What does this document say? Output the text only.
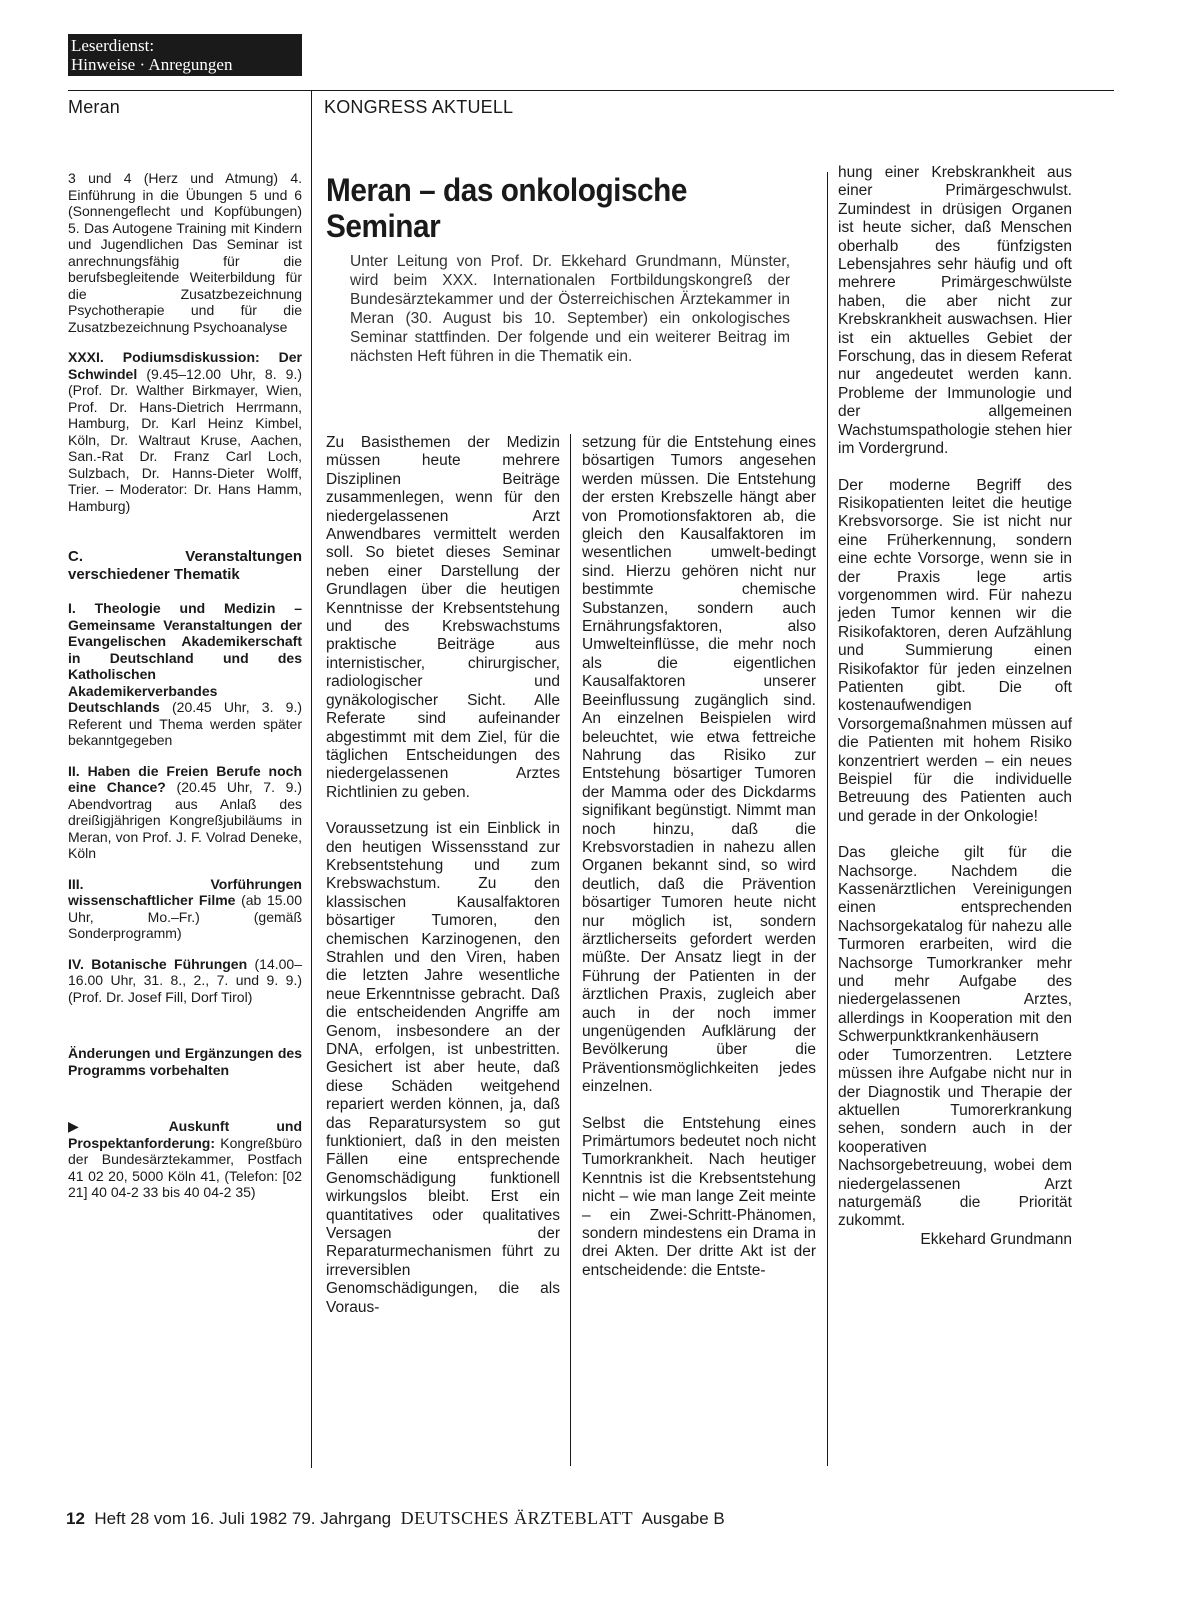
Leserdienst:
Hinweise · Anregungen
Meran	KONGRESS AKTUELL

3 und 4 (Herz und Atmung) 4. Einführung in die Übungen 5 und 6 (Sonnengeflecht und Kopfübungen) 5. Das Autogene Training mit Kindern und Jugendlichen Das Seminar ist anrechnungsfähig für die berufsbegleitende Weiterbildung für die Zusatzbezeichnung Psychotherapie und für die Zusatzbezeichnung Psychoanalyse

XXXI. Podiumsdiskussion: Der Schwindel (9.45–12.00 Uhr, 8. 9.) (Prof. Dr. Walther Birkmayer, Wien, Prof. Dr. Hans-Dietrich Herrmann, Hamburg, Dr. Karl Heinz Kimbel, Köln, Dr. Waltraut Kruse, Aachen, San.-Rat Dr. Franz Carl Loch, Sulzbach, Dr. Hanns-Dieter Wolff, Trier. – Moderator: Dr. Hans Hamm, Hamburg)

C. Veranstaltungen verschiedener Thematik

I. Theologie und Medizin – Gemeinsame Veranstaltungen der Evangelischen Akademikerschaft in Deutschland und des Katholischen Akademikerverbandes Deutschlands (20.45 Uhr, 3. 9.) Referent und Thema werden später bekanntgegeben

II. Haben die Freien Berufe noch eine Chance? (20.45 Uhr, 7. 9.) Abendvortrag aus Anlaß des dreißigjährigen Kongreßjubiläums in Meran, von Prof. J. F. Volrad Deneke, Köln

III. Vorführungen wissenschaftlicher Filme (ab 15.00 Uhr, Mo.–Fr.) (gemäß Sonderprogramm)

IV. Botanische Führungen (14.00–16.00 Uhr, 31. 8., 2., 7. und 9. 9.) (Prof. Dr. Josef Fill, Dorf Tirol)

Änderungen und Ergänzungen des Programms vorbehalten

▶ Auskunft und Prospektanforderung: Kongreßbüro der Bundesärztekammer, Postfach 41 02 20, 5000 Köln 41, (Telefon: [02 21] 40 04-2 33 bis 40 04-2 35)

Meran – das onkologische Seminar
Unter Leitung von Prof. Dr. Ekkehard Grundmann, Münster, wird beim XXX. Internationalen Fortbildungskongreß der Bundesärztekammer und der Österreichischen Ärztekammer in Meran (30. August bis 10. September) ein onkologisches Seminar stattfinden. Der folgende und ein weiterer Beitrag im nächsten Heft führen in die Thematik ein.

Zu Basisthemen der Medizin müssen heute mehrere Disziplinen Beiträge zusammenlegen, wenn für den niedergelassenen Arzt Anwendbares vermittelt werden soll. So bietet dieses Seminar neben einer Darstellung der Grundlagen über die heutigen Kenntnisse der Krebsentstehung und des Krebswachstums praktische Beiträge aus internistischer, chirurgischer, radiologischer und gynäkologischer Sicht. Alle Referate sind aufeinander abgestimmt mit dem Ziel, für die täglichen Entscheidungen des niedergelassenen Arztes Richtlinien zu geben.

Voraussetzung ist ein Einblick in den heutigen Wissensstand zur Krebsentstehung und zum Krebswachstum. Zu den klassischen Kausalfaktoren bösartiger Tumoren, den chemischen Karzinogenen, den Strahlen und den Viren, haben die letzten Jahre wesentliche neue Erkenntnisse gebracht. Daß die entscheidenden Angriffe am Genom, insbesondere an der DNA, erfolgen, ist unbestritten. Gesichert ist aber heute, daß diese Schäden weitgehend repariert werden können, ja, daß das Reparatursystem so gut funktioniert, daß in den meisten Fällen eine entsprechende Genomschädigung funktionell wirkungslos bleibt. Erst ein quantitatives oder qualitatives Versagen der Reparaturmechanismen führt zu irreversiblen Genomschädigungen, die als Voraus-

setzung für die Entstehung eines bösartigen Tumors angesehen werden müssen. Die Entstehung der ersten Krebszelle hängt aber von Promotionsfaktoren ab, die gleich den Kausalfaktoren im wesentlichen umwelt-bedingt sind. Hierzu gehören nicht nur bestimmte chemische Substanzen, sondern auch Ernährungsfaktoren, also Umwelteinflüsse, die mehr noch als die eigentlichen Kausalfaktoren unserer Beeinflussung zugänglich sind. An einzelnen Beispielen wird beleuchtet, wie etwa fettreiche Nahrung das Risiko zur Entstehung bösartiger Tumoren der Mamma oder des Dickdarms signifikant begünstigt. Nimmt man noch hinzu, daß die Krebsvorstadien in nahezu allen Organen bekannt sind, so wird deutlich, daß die Prävention bösartiger Tumoren heute nicht nur möglich ist, sondern ärztlicherseits gefordert werden müßte. Der Ansatz liegt in der Führung der Patienten in der ärztlichen Praxis, zugleich aber auch in der noch immer ungenügenden Aufklärung der Bevölkerung über die Präventionsmöglichkeiten jedes einzelnen.

Selbst die Entstehung eines Primärtumors bedeutet noch nicht Tumorkrankheit. Nach heutiger Kenntnis ist die Krebsentstehung nicht – wie man lange Zeit meinte – ein Zwei-Schritt-Phänomen, sondern mindestens ein Drama in drei Akten. Der dritte Akt ist der entscheidende: die Entste-

hung einer Krebskrankheit aus einer Primärgeschwulst. Zumindest in drüsigen Organen ist heute sicher, daß Menschen oberhalb des fünfzigsten Lebensjahres sehr häufig und oft mehrere Primärgeschwülste haben, die aber nicht zur Krebskrankheit auswachsen. Hier ist ein aktuelles Gebiet der Forschung, das in diesem Referat nur angedeutet werden kann. Probleme der Immunologie und der allgemeinen Wachstumspathologie stehen hier im Vordergrund.

Der moderne Begriff des Risikopatienten leitet die heutige Krebsvorsorge. Sie ist nicht nur eine Früherkennung, sondern eine echte Vorsorge, wenn sie in der Praxis lege artis vorgenommen wird. Für nahezu jeden Tumor kennen wir die Risikofaktoren, deren Aufzählung und Summierung einen Risikofaktor für jeden einzelnen Patienten gibt. Die oft kostenaufwendigen Vorsorgemaßnahmen müssen auf die Patienten mit hohem Risiko konzentriert werden – ein neues Beispiel für die individuelle Betreuung des Patienten auch und gerade in der Onkologie!

Das gleiche gilt für die Nachsorge. Nachdem die Kassenärztlichen Vereinigungen einen entsprechenden Nachsorgekatalog für nahezu alle Turmoren erarbeiten, wird die Nachsorge Tumorkranker mehr und mehr Aufgabe des niedergelassenen Arztes, allerdings in Kooperation mit den Schwerpunktkrankenhäusern oder Tumorzentren. Letztere müssen ihre Aufgabe nicht nur in der Diagnostik und Therapie der aktuellen Tumorerkrankung sehen, sondern auch in der kooperativen Nachsorgebetreuung, wobei dem niedergelassenen Arzt naturgemäß die Priorität zukommt.

Ekkehard Grundmann
12 Heft 28 vom 16. Juli 1982 79. Jahrgang DEUTSCHES ÄRZTEBLATT Ausgabe B
